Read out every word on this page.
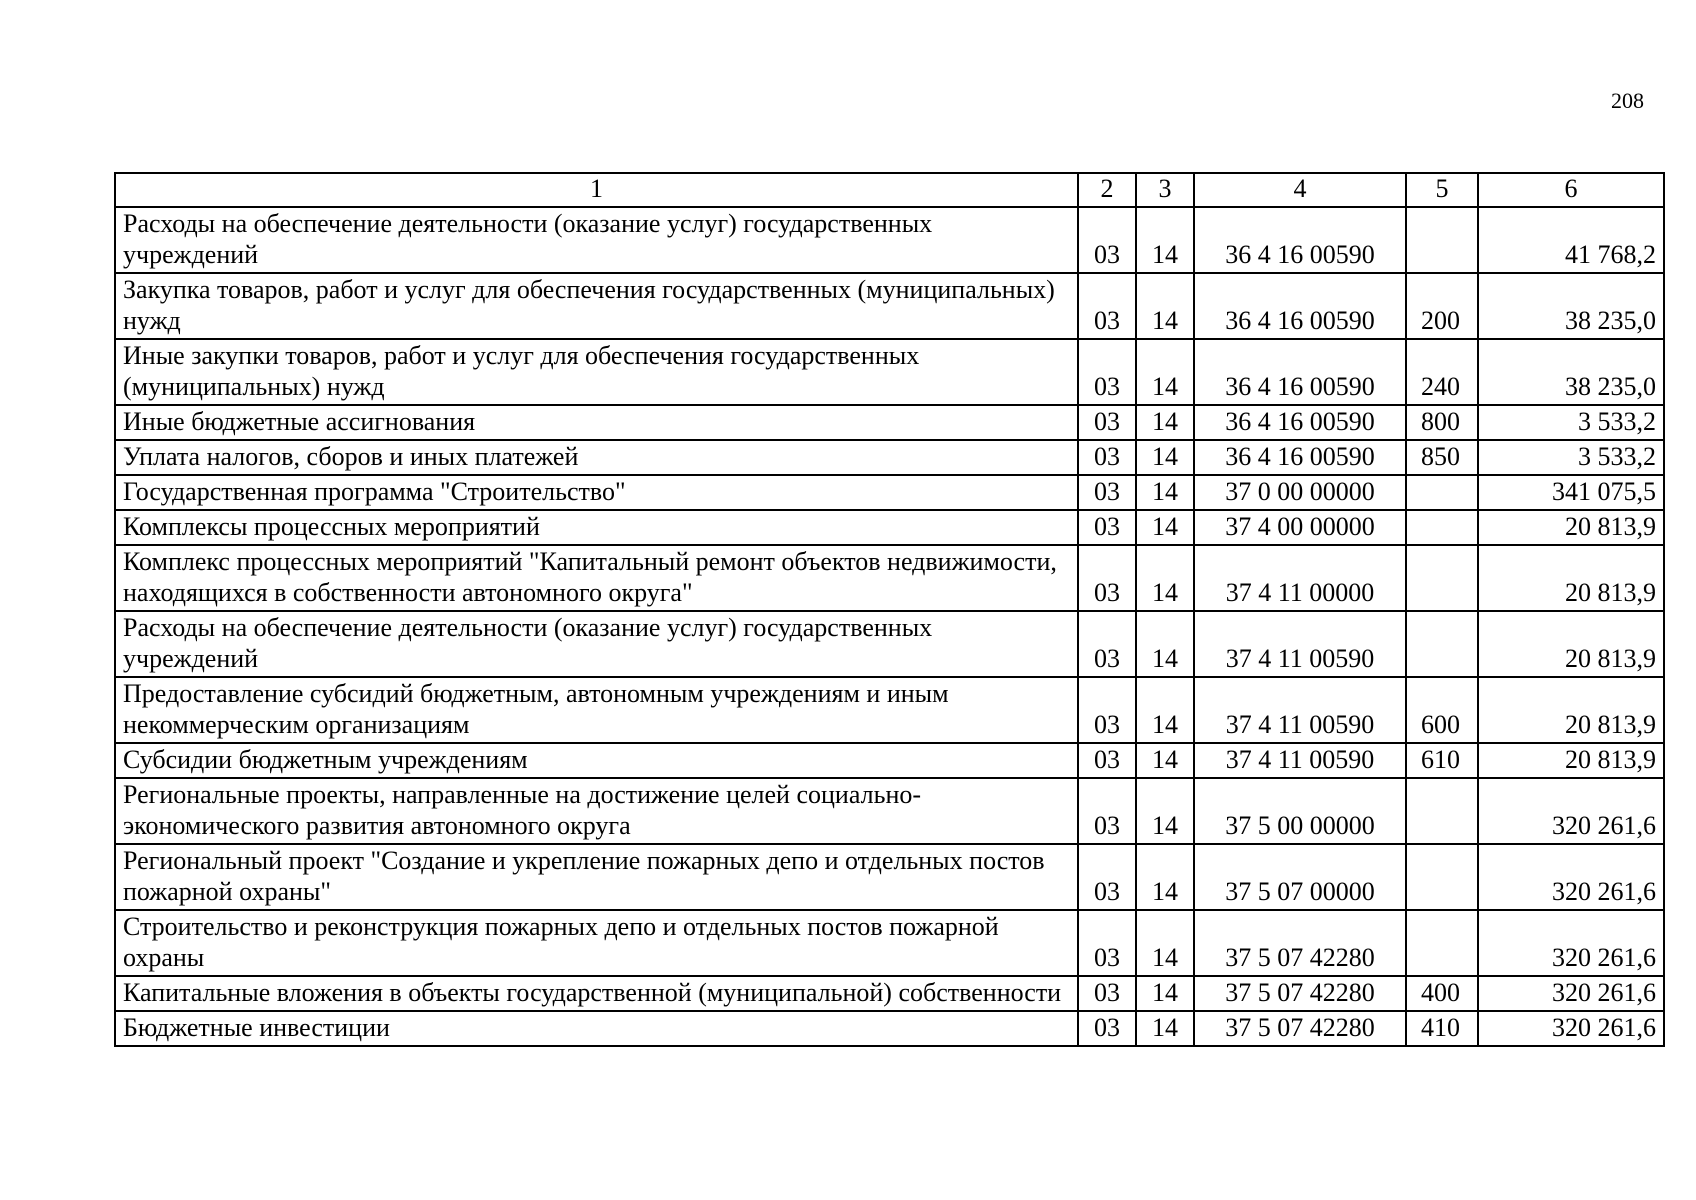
208
1	2	3	4	5	6
Расходы на обеспечение деятельности (оказание услуг) государственных учреждений	03	14	36 4 16 00590		41 768,2
Закупка товаров, работ и услуг для обеспечения государственных (муниципальных) нужд	03	14	36 4 16 00590	200	38 235,0
Иные закупки товаров, работ и услуг для обеспечения государственных (муниципальных) нужд	03	14	36 4 16 00590	240	38 235,0
Иные бюджетные ассигнования	03	14	36 4 16 00590	800	3 533,2
Уплата налогов, сборов и иных платежей	03	14	36 4 16 00590	850	3 533,2
Государственная программа "Строительство"	03	14	37 0 00 00000		341 075,5
Комплексы процессных мероприятий	03	14	37 4 00 00000		20 813,9
Комплекс процессных мероприятий "Капитальный ремонт объектов недвижимости, находящихся в собственности автономного округа"	03	14	37 4 11 00000		20 813,9
Расходы на обеспечение деятельности (оказание услуг) государственных учреждений	03	14	37 4 11 00590		20 813,9
Предоставление субсидий бюджетным, автономным учреждениям и иным некоммерческим организациям	03	14	37 4 11 00590	600	20 813,9
Субсидии бюджетным учреждениям	03	14	37 4 11 00590	610	20 813,9
Региональные проекты, направленные на достижение целей социально-экономического развития автономного округа	03	14	37 5 00 00000		320 261,6
Региональный проект "Создание и укрепление пожарных депо и отдельных постов пожарной охраны"	03	14	37 5 07 00000		320 261,6
Строительство и реконструкция пожарных депо и отдельных постов пожарной охраны	03	14	37 5 07 42280		320 261,6
Капитальные вложения в объекты государственной (муниципальной) собственности	03	14	37 5 07 42280	400	320 261,6
Бюджетные инвестиции	03	14	37 5 07 42280	410	320 261,6
